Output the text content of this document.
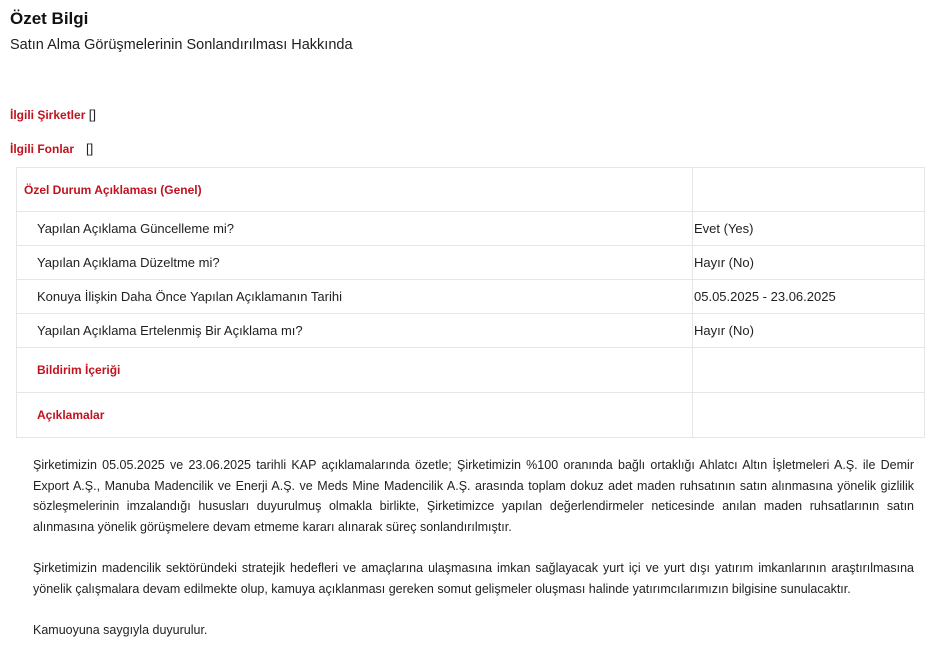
Özet Bilgi
Satın Alma Görüşmelerinin Sonlandırılması Hakkında
İlgili Şirketler []
İlgili Fonlar []
Özel Durum Açıklaması (Genel)	
Yapılan Açıklama Güncelleme mi?	Evet (Yes)
Yapılan Açıklama Düzeltme mi?	Hayır (No)
Konuya İlişkin Daha Önce Yapılan Açıklamanın Tarihi	05.05.2025 - 23.06.2025
Yapılan Açıklama Ertelenmiş Bir Açıklama mı?	Hayır (No)
Bildirim İçeriği	
Açıklamalar	

Şirketimizin 05.05.2025 ve 23.06.2025 tarihli KAP açıklamalarında özetle; Şirketimizin %100 oranında bağlı ortaklığı Ahlatcı Altın İşletmeleri A.Ş. ile Demir Export A.Ş., Manuba Madencilik ve Enerji A.Ş. ve Meds Mine Madencilik A.Ş. arasında toplam dokuz adet maden ruhsatının satın alınmasına yönelik gizlilik sözleşmelerinin imzalandığı hususları duyurulmuş olmakla birlikte, Şirketimizce yapılan değerlendirmeler neticesinde anılan maden ruhsatlarının satın alınmasına yönelik görüşmelere devam etmeme kararı alınarak süreç sonlandırılmıştır.

Şirketimizin madencilik sektöründeki stratejik hedefleri ve amaçlarına ulaşmasına imkan sağlayacak yurt içi ve yurt dışı yatırım imkanlarının araştırılmasına yönelik çalışmalara devam edilmekte olup, kamuya açıklanması gereken somut gelişmeler oluşması halinde yatırımcılarımızın bilgisine sunulacaktır.

Kamuoyuna saygıyla duyurulur.
